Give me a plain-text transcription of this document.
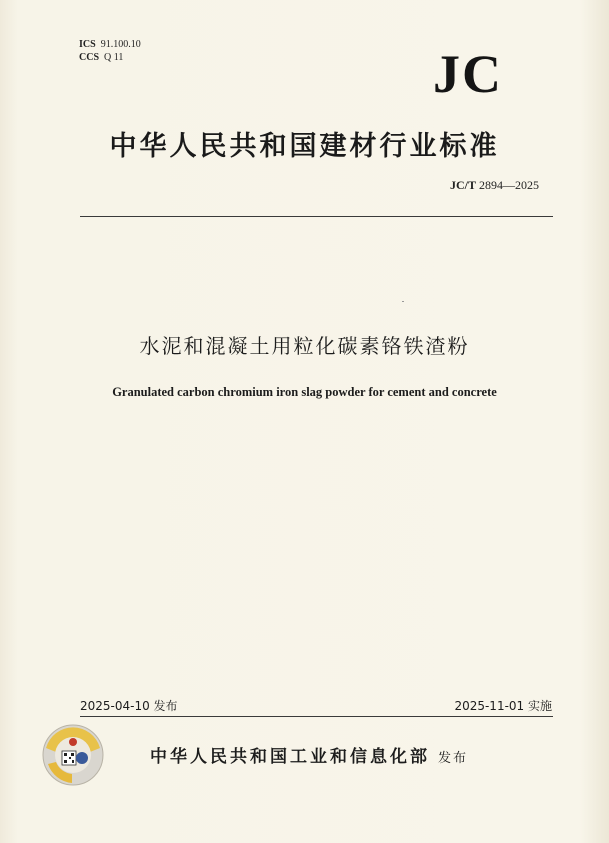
ICS 91.100.10
CCS Q 11	JC
中华人民共和国建材行业标准
JC/T 2894—2025
水泥和混凝土用粒化碳素铬铁渣粉
Granulated carbon chromium iron slag powder for cement and concrete
2025-04-10 发布	2025-11-01 实施
中华人民共和国工业和信息化部 发布
